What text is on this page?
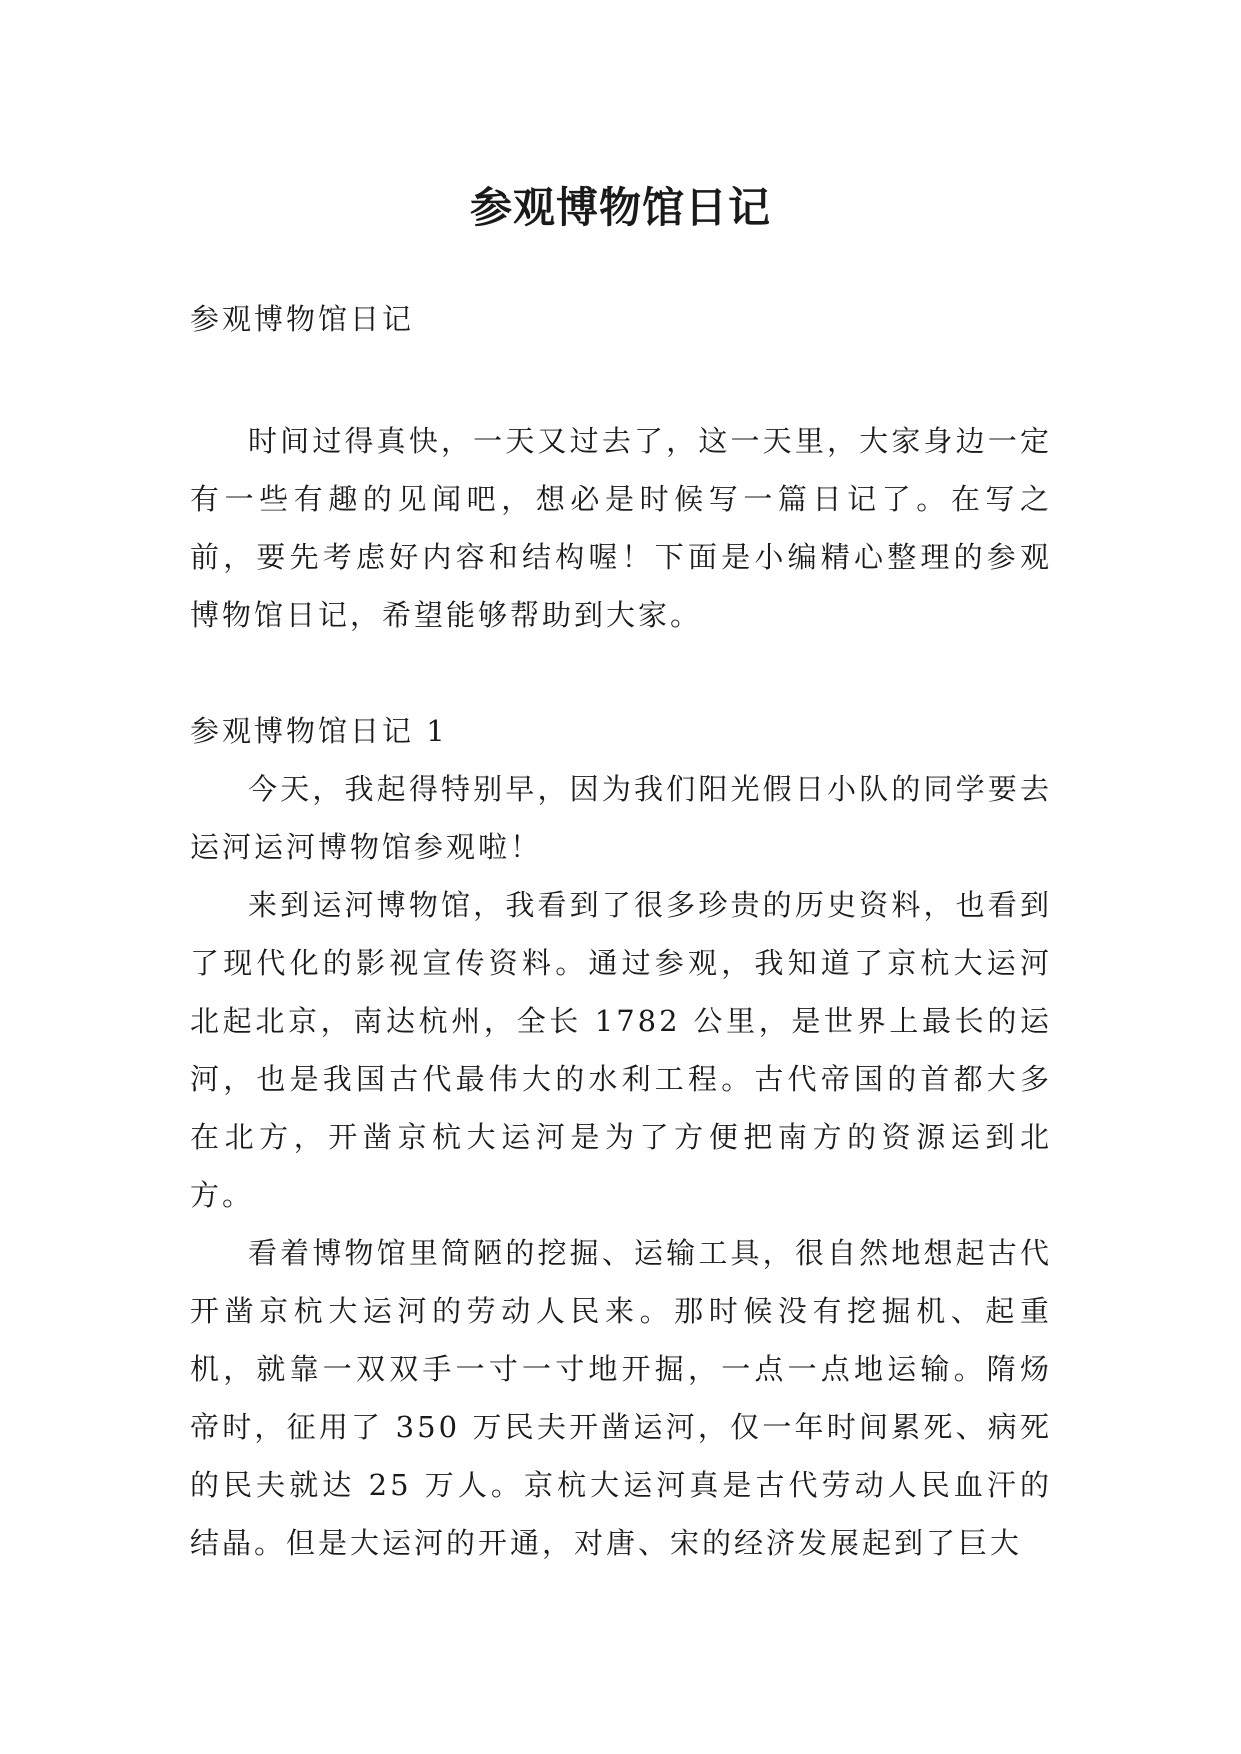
参观博物馆日记

参观博物馆日记

时间过得真快，一天又过去了，这一天里，大家身边一定有一些有趣的见闻吧，想必是时候写一篇日记了。在写之前，要先考虑好内容和结构喔！下面是小编精心整理的参观博物馆日记，希望能够帮助到大家。

参观博物馆日记 1

今天，我起得特别早，因为我们阳光假日小队的同学要去运河运河博物馆参观啦！

来到运河博物馆，我看到了很多珍贵的历史资料，也看到了现代化的影视宣传资料。通过参观，我知道了京杭大运河北起北京，南达杭州，全长 1782 公里，是世界上最长的运河，也是我国古代最伟大的水利工程。古代帝国的首都大多在北方，开凿京杭大运河是为了方便把南方的资源运到北方。

看着博物馆里简陋的挖掘、运输工具，很自然地想起古代开凿京杭大运河的劳动人民来。那时候没有挖掘机、起重机，就靠一双双手一寸一寸地开掘，一点一点地运输。隋炀帝时，征用了 350 万民夫开凿运河，仅一年时间累死、病死的民夫就达 25 万人。京杭大运河真是古代劳动人民血汗的结晶。但是大运河的开通，对唐、宋的经济发展起到了巨大
